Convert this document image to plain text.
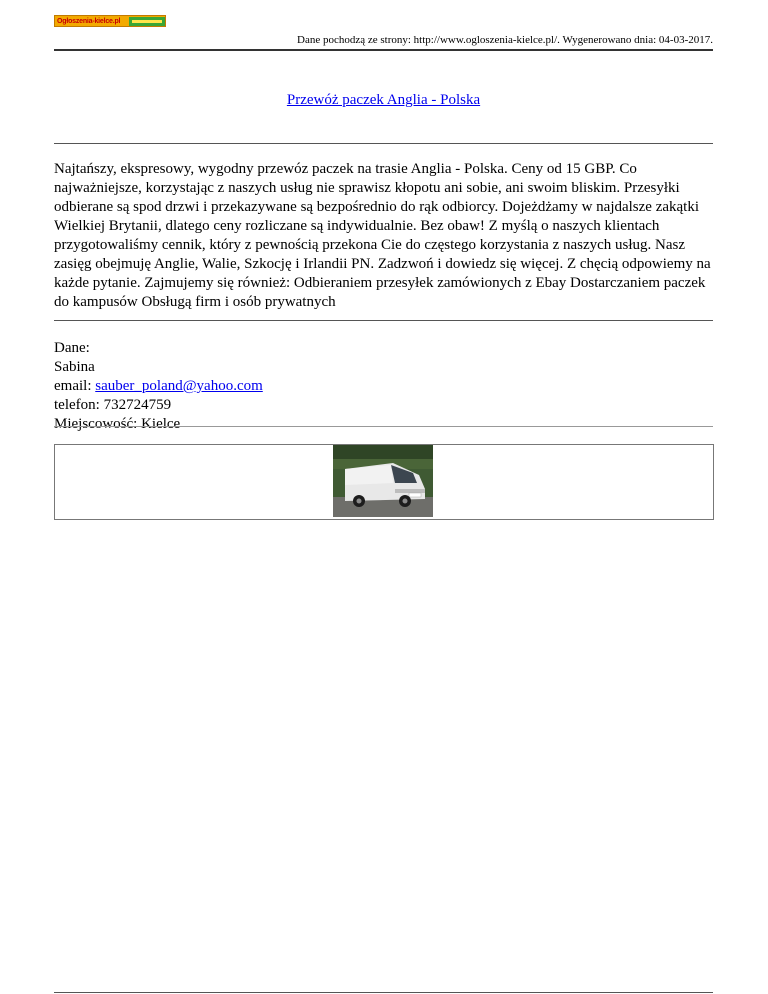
Ogłoszenia-kielce.pl
Dane pochodzą ze strony: http://www.ogloszenia-kielce.pl/. Wygenerowano dnia: 04-03-2017.
Przewóż paczek Anglia - Polska

Najtańszy, ekspresowy, wygodny przewóz paczek na trasie Anglia - Polska. Ceny od 15 GBP. Co najważniejsze, korzystając z naszych usług nie sprawisz kłopotu ani sobie, ani swoim bliskim. Przesyłki odbierane są spod drzwi i przekazywane są bezpośrednio do rąk odbiorcy. Dojeżdżamy w najdalsze zakątki Wielkiej Brytanii, dlatego ceny rozliczane są indywidualnie. Bez obaw! Z myślą o naszych klientach przygotowaliśmy cennik, który z pewnością przekona Cie do częstego korzystania z naszych usług. Nasz zasięg obejmuję Anglie, Walie, Szkocję i Irlandii PN. Zadzwoń i dowiedz się więcej. Z chęcią odpowiemy na każde pytanie. Zajmujemy się również: Odbieraniem przesyłek zamówionych z Ebay Dostarczaniem paczek do kampusów Obsługą firm i osób prywatnych

Dane:
Sabina
email: sauber_poland@yahoo.com
telefon: 732724759
Miejscowość: Kielce
